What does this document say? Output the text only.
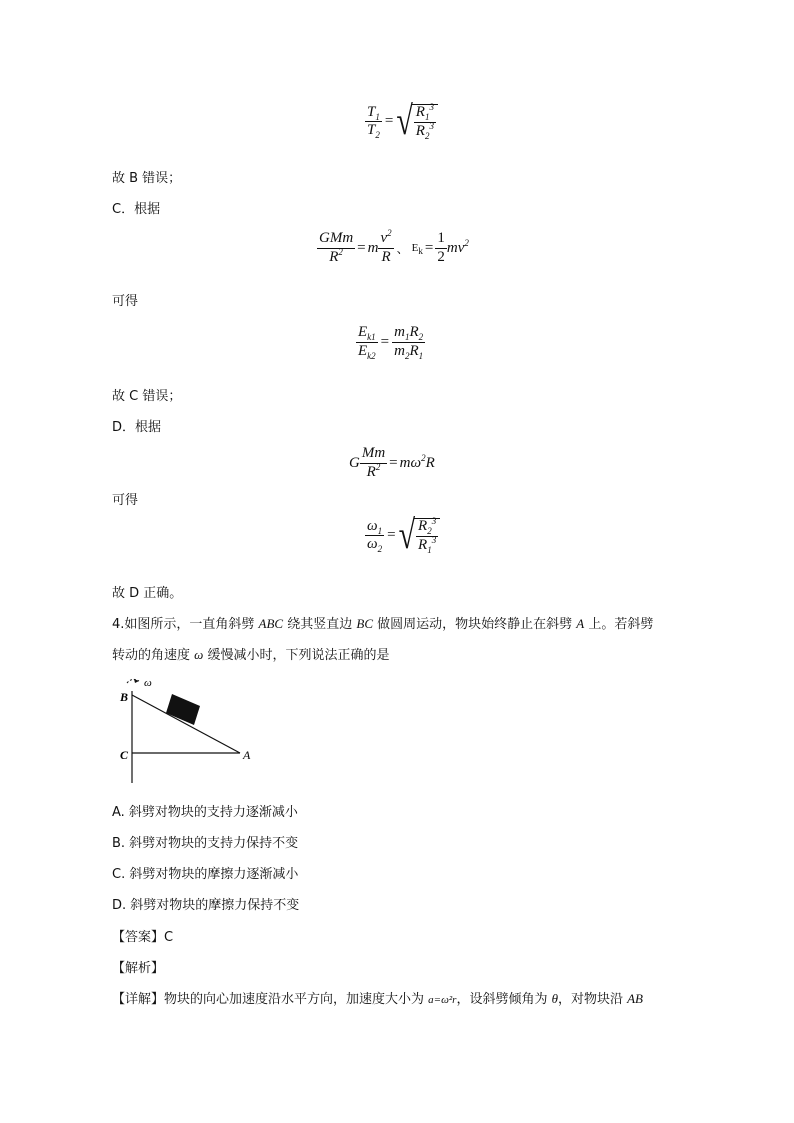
$\frac{T_1}{T_2}$ = √ $\frac{R_1^3}{R_2^3}$
故 B 错误；
C．根据
$\frac{\text{GMm}}{R^2} = m \frac{v^2}{R}$ 、 $E_k = \frac{1}{2} mv^2$
可得
$\frac{E_{k1}}{E_{k2}} = \frac{m_1R_2}{m_2R_1}$
故 C 错误；
D．根据
G $\frac{Mm}{R^2} = m\omega^2R$
可得
$\frac{\omega_1}{\omega_2}$ = √ $\frac{R_2^3}{R_1^3}$
故 D 正确。
4.如图所示，一直角斜劈 ABC 绕其竖直边 BC 做圆周运动，物块始终静止在斜劈 A 上。若斜劈
转动的角速度 ω 缓慢减小时，下列说法正确的是
B
C	A
ω
A. 斜劈对物块的支持力逐渐减小
B. 斜劈对物块的支持力保持不变
C. 斜劈对物块的摩擦力逐渐减小
D. 斜劈对物块的摩擦力保持不变
【答案】C
【解析】
【详解】物块的向心加速度沿水平方向，加速度大小为 a=ω²r，设斜劈倾角为 θ，对物块沿 AB
